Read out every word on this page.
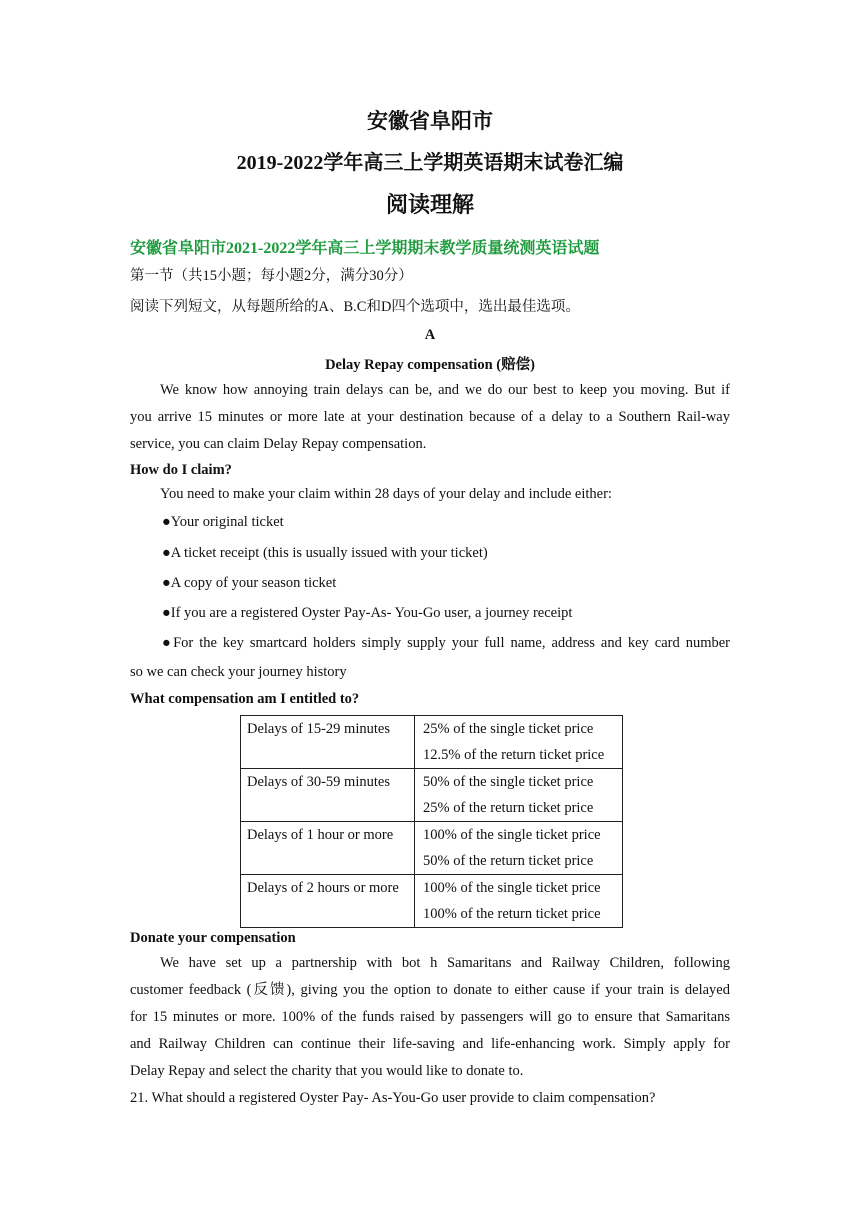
安徽省阜阳市
2019-2022学年高三上学期英语期末试卷汇编
阅读理解
安徽省阜阳市2021-2022学年高三上学期期末教学质量统测英语试题
第一节（共15小题；每小题2分，满分30分）
阅读下列短文，从每题所给的A、B.C和D四个选项中，选出最佳选项。
A
Delay Repay compensation (赔偿)

We know how annoying train delays can be, and we do our best to keep you moving. But if

you arrive 15 minutes or more late at your destination because of a delay to a Southern Rail-way

service, you can claim Delay Repay compensation.

How do I claim?
You need to make your claim within 28 days of your delay and include either:
●Your original ticket
●A ticket receipt (this is usually issued with your ticket)
●A copy of your season ticket
●If you are a registered Oyster Pay-As- You-Go user, a journey receipt
●For the key smartcard holders simply supply your full name, address and key card number
so we can check your journey history
What compensation am I entitled to?
Delays of 15-29 minutes	25% of the single ticket price
12.5% of the return ticket price

Delays of 30-59 minutes	50% of the single ticket price
25% of the return ticket price

Delays of 1 hour or more	100% of the single ticket price
50% of the return ticket price

Delays of 2 hours or more	100% of the single ticket price
100% of the return ticket price
Donate your compensation

We have set up a partnership with bot h Samaritans and Railway Children, following

customer feedback (反馈), giving you the option to donate to either cause if your train is delayed

for 15 minutes or more. 100% of the funds raised by passengers will go to ensure that Samaritans

and Railway Children can continue their life-saving and life-enhancing work. Simply apply for

Delay Repay and select the charity that you would like to donate to.

21. What should a registered Oyster Pay- As-You-Go user provide to claim compensation?
